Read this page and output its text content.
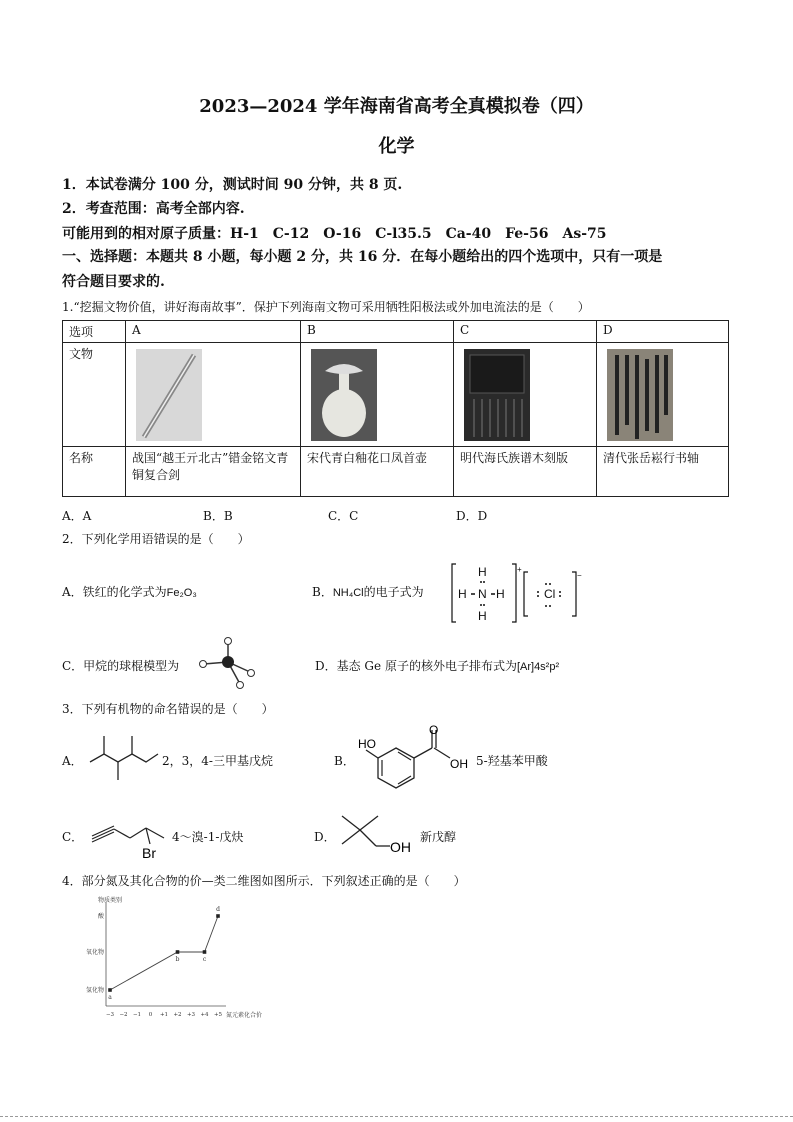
2023—2024 学年海南省高考全真模拟卷（四）
化学
1．本试卷满分 100 分，测试时间 90 分钟，共 8 页.
2．考查范围：高考全部内容.
可能用到的相对原子质量：H-1　C-12　O-16　C-l35.5　Ca-40　Fe-56　As-75
一、选择题：本题共 8 小题，每小题 2 分，共 16 分．在每小题给出的四个选项中，只有一项是
符合题目要求的.
1.“挖掘文物价值，讲好海南故事”．保护下列海南文物可采用牺牲阳极法或外加电流法的是（　　）
选项	A	B	C	D
文物				
名称	战国“越王亓北古”错金铭文青铜复合剑	宋代青白釉花口凤首壶	明代海氏族谱木刻版	清代张岳崧行书轴
A．A	B．B	C．C	D．D
2．下列化学用语错误的是（　　）
A．铁红的化学式为Fe₂O₃	B．NH₄Cl的电子式为	H
H
N
H
H	Cl
+
−
C．甲烷的球棍模型为	D．基态 Ge 原子的核外电子排布式为[Ar]4s²p²
3．下列有机物的命名错误的是（　　）
A．	2，3，4-三甲基戊烷	B．
HO
O
OH 5-羟基苯甲酸
C．
Br
4～溴-1-戊炔	D．
OH
新戊醇
4．部分氮及其化合物的价—类二维图如图所示．下列叙述正确的是（　　）
物质类别
氮元素化合价
氢化物
氧化物
酸
−3 −2 −1 0 +1 +2 +3 +4 +5
a
b	c
d
